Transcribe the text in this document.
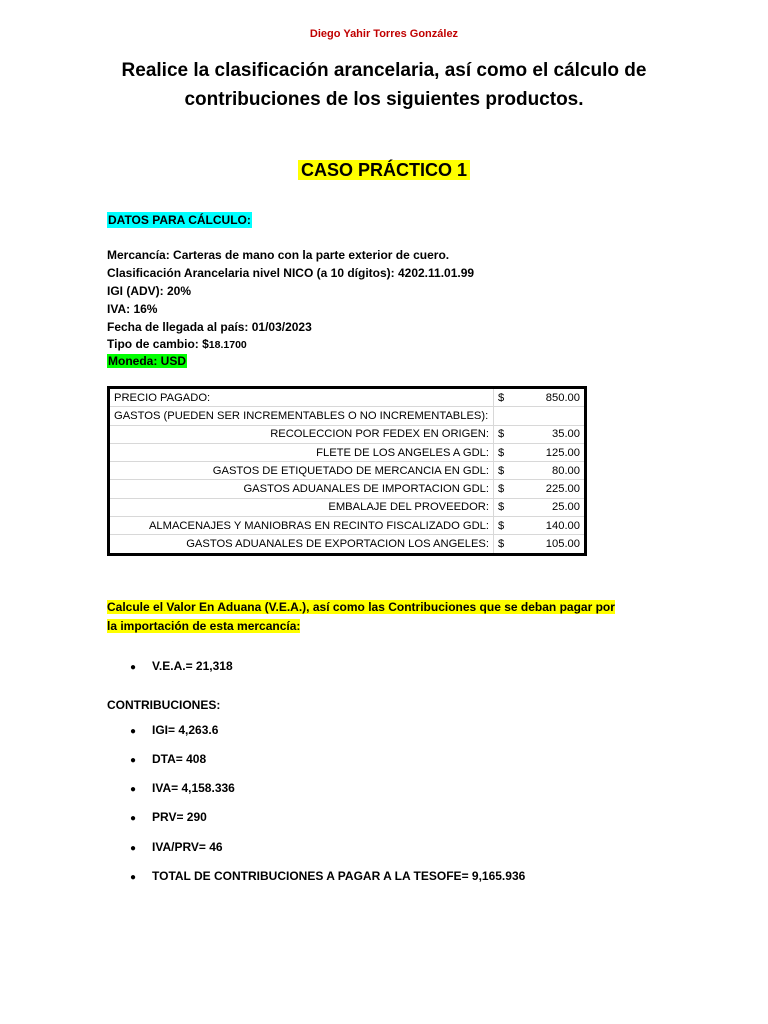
Diego Yahir Torres González
Realice la clasificación arancelaria, así como el cálculo de contribuciones de los siguientes productos.
CASO PRÁCTICO 1
DATOS PARA CÁLCULO:
Mercancía: Carteras de mano con la parte exterior de cuero.
Clasificación Arancelaria nivel NICO (a 10 dígitos): 4202.11.01.99
IGI (ADV): 20%
IVA: 16%
Fecha de llegada al país: 01/03/2023
Tipo de cambio: $18.1700
Moneda: USD
PRECIO PAGADO:	$	850.00
GASTOS (PUEDEN SER INCREMENTABLES O NO INCREMENTABLES):		
RECOLECCION POR FEDEX EN ORIGEN:	$	35.00
FLETE DE LOS ANGELES A GDL:	$	125.00
GASTOS DE ETIQUETADO DE MERCANCIA EN GDL:	$	80.00
GASTOS ADUANALES DE IMPORTACION GDL:	$	225.00
EMBALAJE DEL PROVEEDOR:	$	25.00
ALMACENAJES Y MANIOBRAS EN RECINTO FISCALIZADO GDL:	$	140.00
GASTOS ADUANALES DE EXPORTACION LOS ANGELES:	$	105.00
Calcule el Valor En Aduana (V.E.A.), así como las Contribuciones que se deban pagar por la importación de esta mercancía:
● V.E.A.= 21,318
CONTRIBUCIONES:
● IGI= 4,263.6
● DTA= 408
● IVA= 4,158.336
● PRV= 290
● IVA/PRV= 46
● TOTAL DE CONTRIBUCIONES A PAGAR A LA TESOFE= 9,165.936
